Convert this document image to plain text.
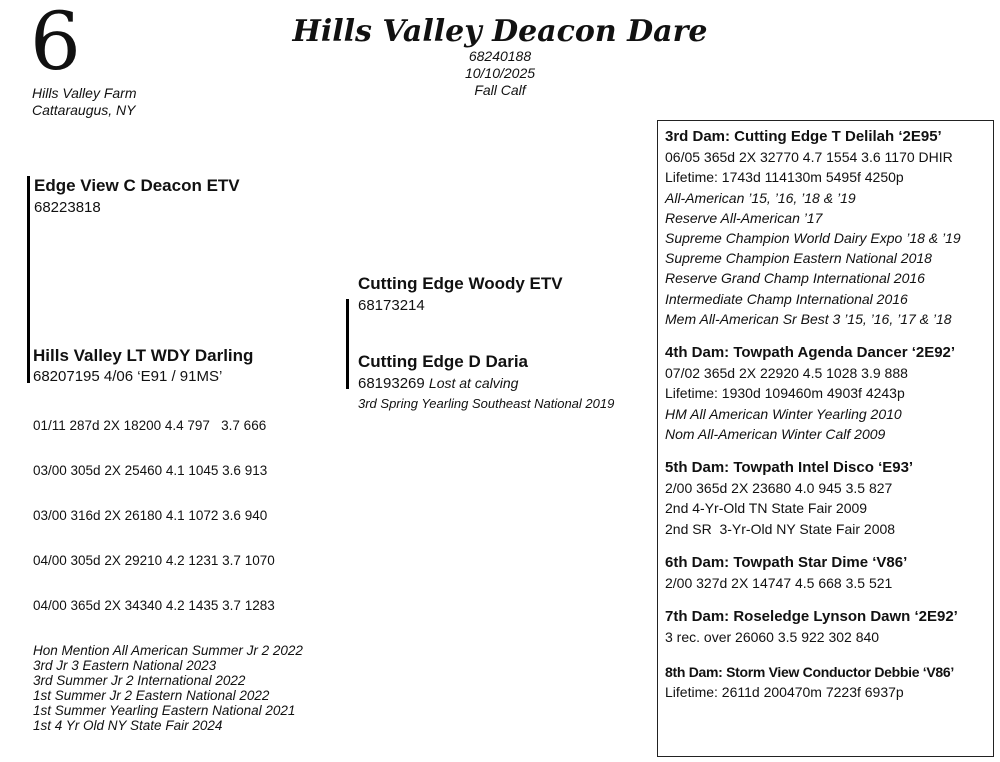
6
Hills Valley Farm
Cattaraugus, NY
Hills Valley Deacon Dare
68240188
10/10/2025
Fall Calf
Edge View C Deacon ETV
68223818
Hills Valley LT WDY Darling
68207195 4/06 ‘E91 / 91MS’

01/11 287d 2X 18200 4.4 797   3.7 666

03/00 305d 2X 25460 4.1 1045 3.6 913

03/00 316d 2X 26180 4.1 1072 3.6 940

04/00 305d 2X 29210 4.2 1231 3.7 1070

04/00 365d 2X 34340 4.2 1435 3.7 1283

Hon Mention All American Summer Jr 2 2022
3rd Jr 3 Eastern National 2023
3rd Summer Jr 2 International 2022
1st Summer Jr 2 Eastern National 2022
1st Summer Yearling Eastern National 2021
1st 4 Yr Old NY State Fair 2024
Cutting Edge Woody ETV
68173214
Cutting Edge D Daria
68193269 Lost at calving
3rd Spring Yearling Southeast National 2019
3rd Dam: Cutting Edge T Delilah ‘2E95’
06/05 365d 2X 32770 4.7 1554 3.6 1170 DHIR
Lifetime: 1743d 114130m 5495f 4250p
All-American ’15, ’16, ’18 & ’19
Reserve All-American ’17
Supreme Champion World Dairy Expo ’18 & ’19
Supreme Champion Eastern National 2018
Reserve Grand Champ International 2016
Intermediate Champ International 2016
Mem All-American Sr Best 3 ’15, ’16, ’17 & ’18
4th Dam: Towpath Agenda Dancer ‘2E92’
07/02 365d 2X 22920 4.5 1028 3.9 888
Lifetime: 1930d 109460m 4903f 4243p
HM All American Winter Yearling 2010
Nom All-American Winter Calf 2009
5th Dam: Towpath Intel Disco ‘E93’
2/00 365d 2X 23680 4.0 945 3.5 827
2nd 4-Yr-Old TN State Fair 2009
2nd SR  3-Yr-Old NY State Fair 2008
6th Dam: Towpath Star Dime ‘V86’
2/00 327d 2X 14747 4.5 668 3.5 521
7th Dam: Roseledge Lynson Dawn ‘2E92’
3 rec. over 26060 3.5 922 302 840
8th Dam: Storm View Conductor Debbie ‘V86’
Lifetime: 2611d 200470m 7223f 6937p
